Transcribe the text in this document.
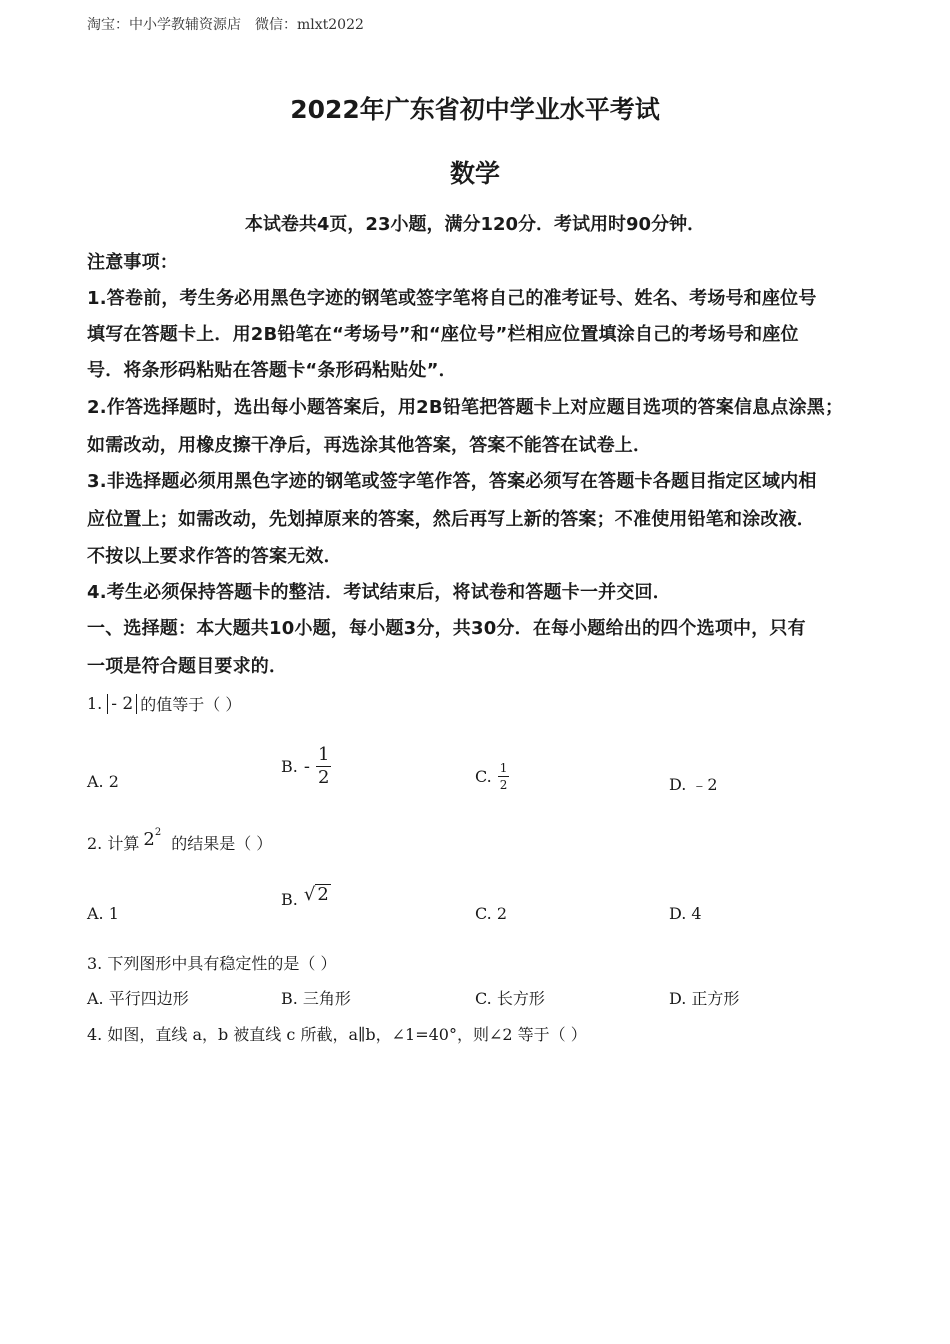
淘宝：中小学教辅资源店 微信：mlxt2022
2022年广东省初中学业水平考试
数学
本试卷共4页，23小题，满分120分．考试用时90分钟．
注意事项：
1.答卷前，考生务必用黑色字迹的钢笔或签字笔将自己的准考证号、姓名、考场号和座位号
填写在答题卡上．用2B铅笔在“考场号”和“座位号”栏相应位置填涂自己的考场号和座位
号．将条形码粘贴在答题卡“条形码粘贴处”．
2.作答选择题时，选出每小题答案后，用2B铅笔把答题卡上对应题目选项的答案信息点涂黑；
如需改动，用橡皮擦干净后，再选涂其他答案，答案不能答在试卷上．
3.非选择题必须用黑色字迹的钢笔或签字笔作答，答案必须写在答题卡各题目指定区域内相
应位置上；如需改动，先划掉原来的答案，然后再写上新的答案；不准使用铅笔和涂改液．
不按以上要求作答的答案无效．
4.考生必须保持答题卡的整洁．考试结束后，将试卷和答题卡一并交回．
一、选择题：本大题共10小题，每小题3分，共30分．在每小题给出的四个选项中，只有
一项是符合题目要求的．
1. - 2 的值等于（ ）
A. 2
B. - $\frac{1}{2}$	C. $\frac{1}{2}$	D. ﹣2
2. 计算 2 2
的结果是（ ）
A. 1
B. √ 2
C. 2	D. 4
3. 下列图形中具有稳定性的是（ ）
A. 平行四边形	B. 三角形	C. 长方形	D. 正方形
4. 如图，直线 a，b 被直线 c 所截，a∥b，∠1=40°，则∠2 等于（ ）
